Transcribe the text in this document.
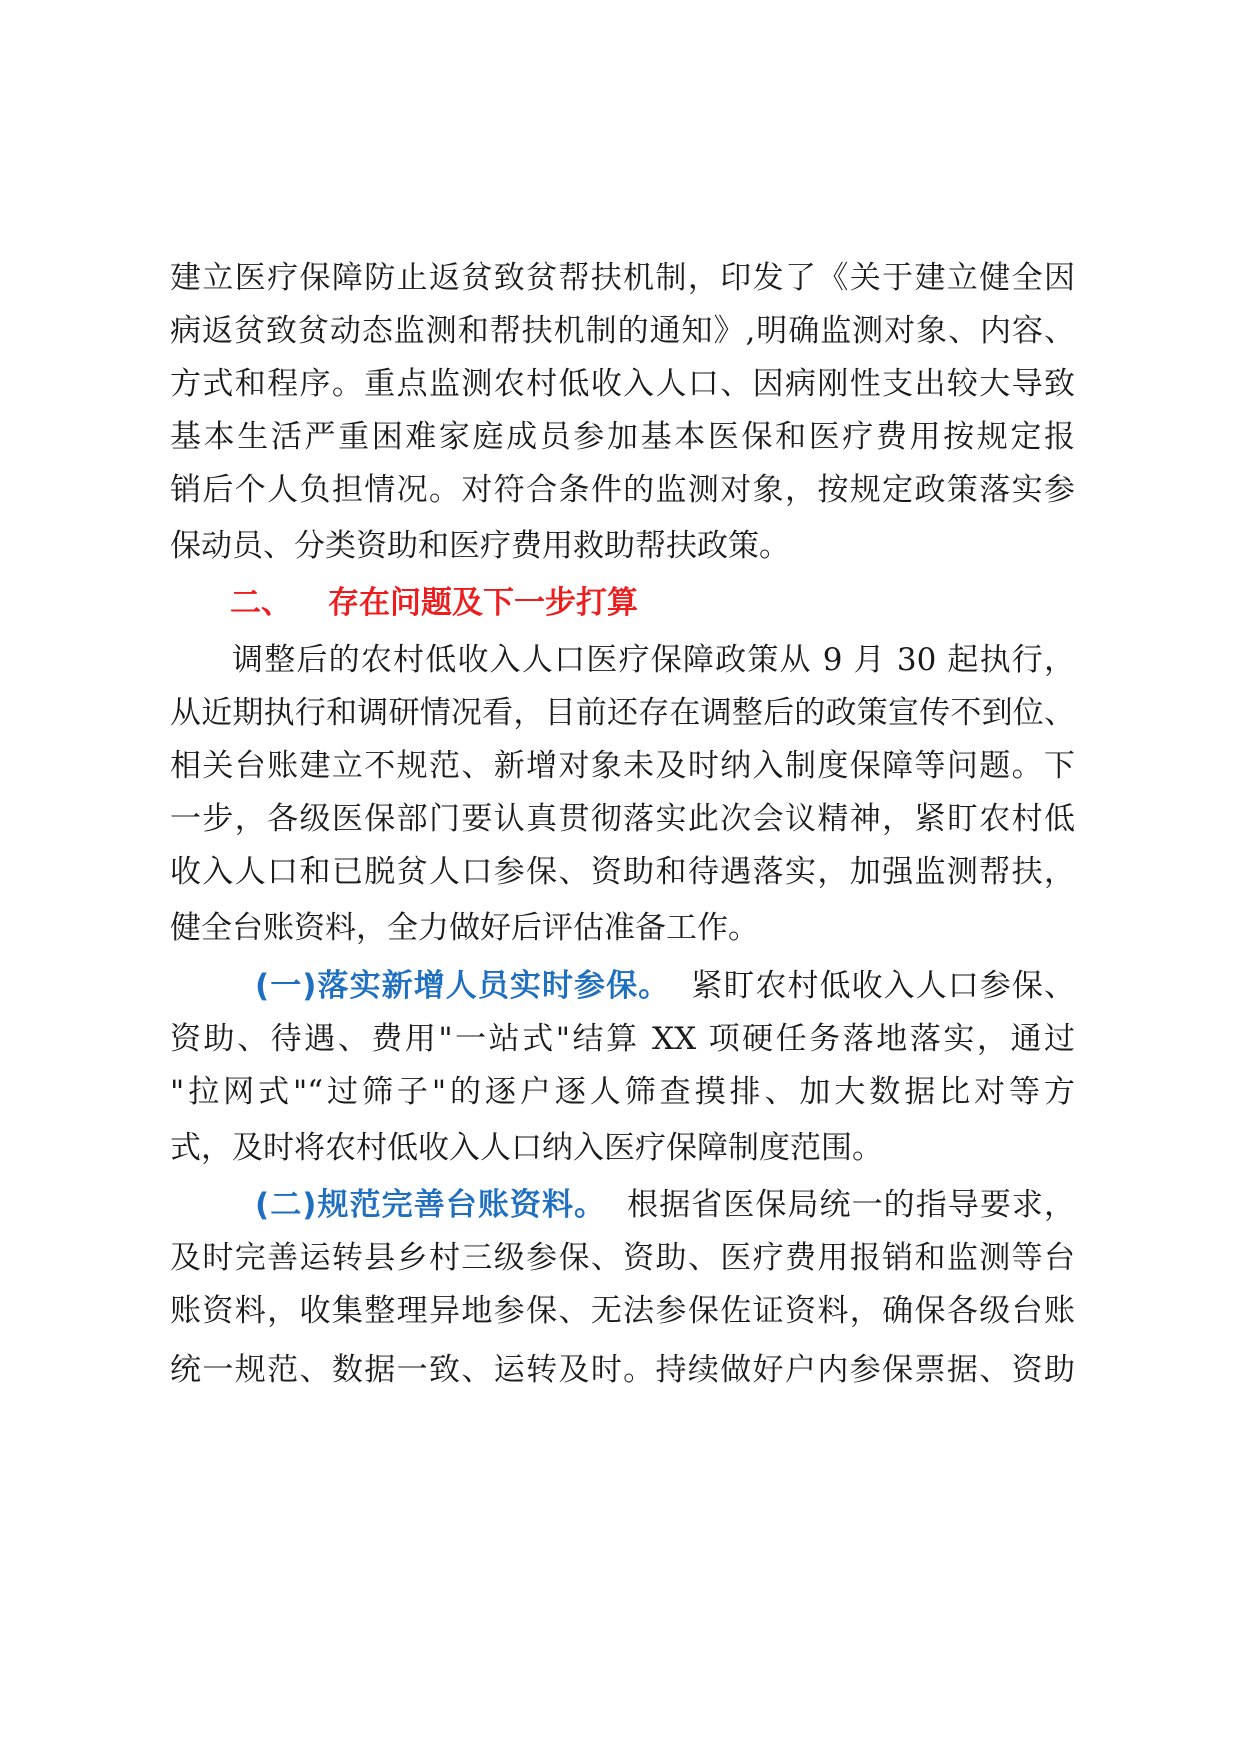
建立医疗保障防止返贫致贫帮扶机制，印发了《关于建立健全因
病返贫致贫动态监测和帮扶机制的通知》,明确监测对象、内容、
方式和程序。重点监测农村低收入人口、因病刚性支出较大导致
基本生活严重困难家庭成员参加基本医保和医疗费用按规定报
销后个人负担情况。对符合条件的监测对象，按规定政策落实参
保动员、分类资助和医疗费用救助帮扶政策。
二、 存在问题及下一步打算
调整后的农村低收入人口医疗保障政策从 9 月 30 起执行，
从近期执行和调研情况看，目前还存在调整后的政策宣传不到位、
相关台账建立不规范、新增对象未及时纳入制度保障等问题。下
一步，各级医保部门要认真贯彻落实此次会议精神，紧盯农村低
收入人口和已脱贫人口参保、资助和待遇落实，加强监测帮扶，
健全台账资料，全力做好后评估准备工作。
(一)落实新增人员实时参保。 紧盯农村低收入人口参保、
资助、待遇、费用"一站式"结算 XX 项硬任务落地落实，通过
"拉网式"“过筛子"的逐户逐人筛查摸排、加大数据比对等方
式，及时将农村低收入人口纳入医疗保障制度范围。
(二)规范完善台账资料。 根据省医保局统一的指导要求，
及时完善运转县乡村三级参保、资助、医疗费用报销和监测等台
账资料，收集整理异地参保、无法参保佐证资料，确保各级台账
统一规范、数据一致、运转及时。持续做好户内参保票据、资助
